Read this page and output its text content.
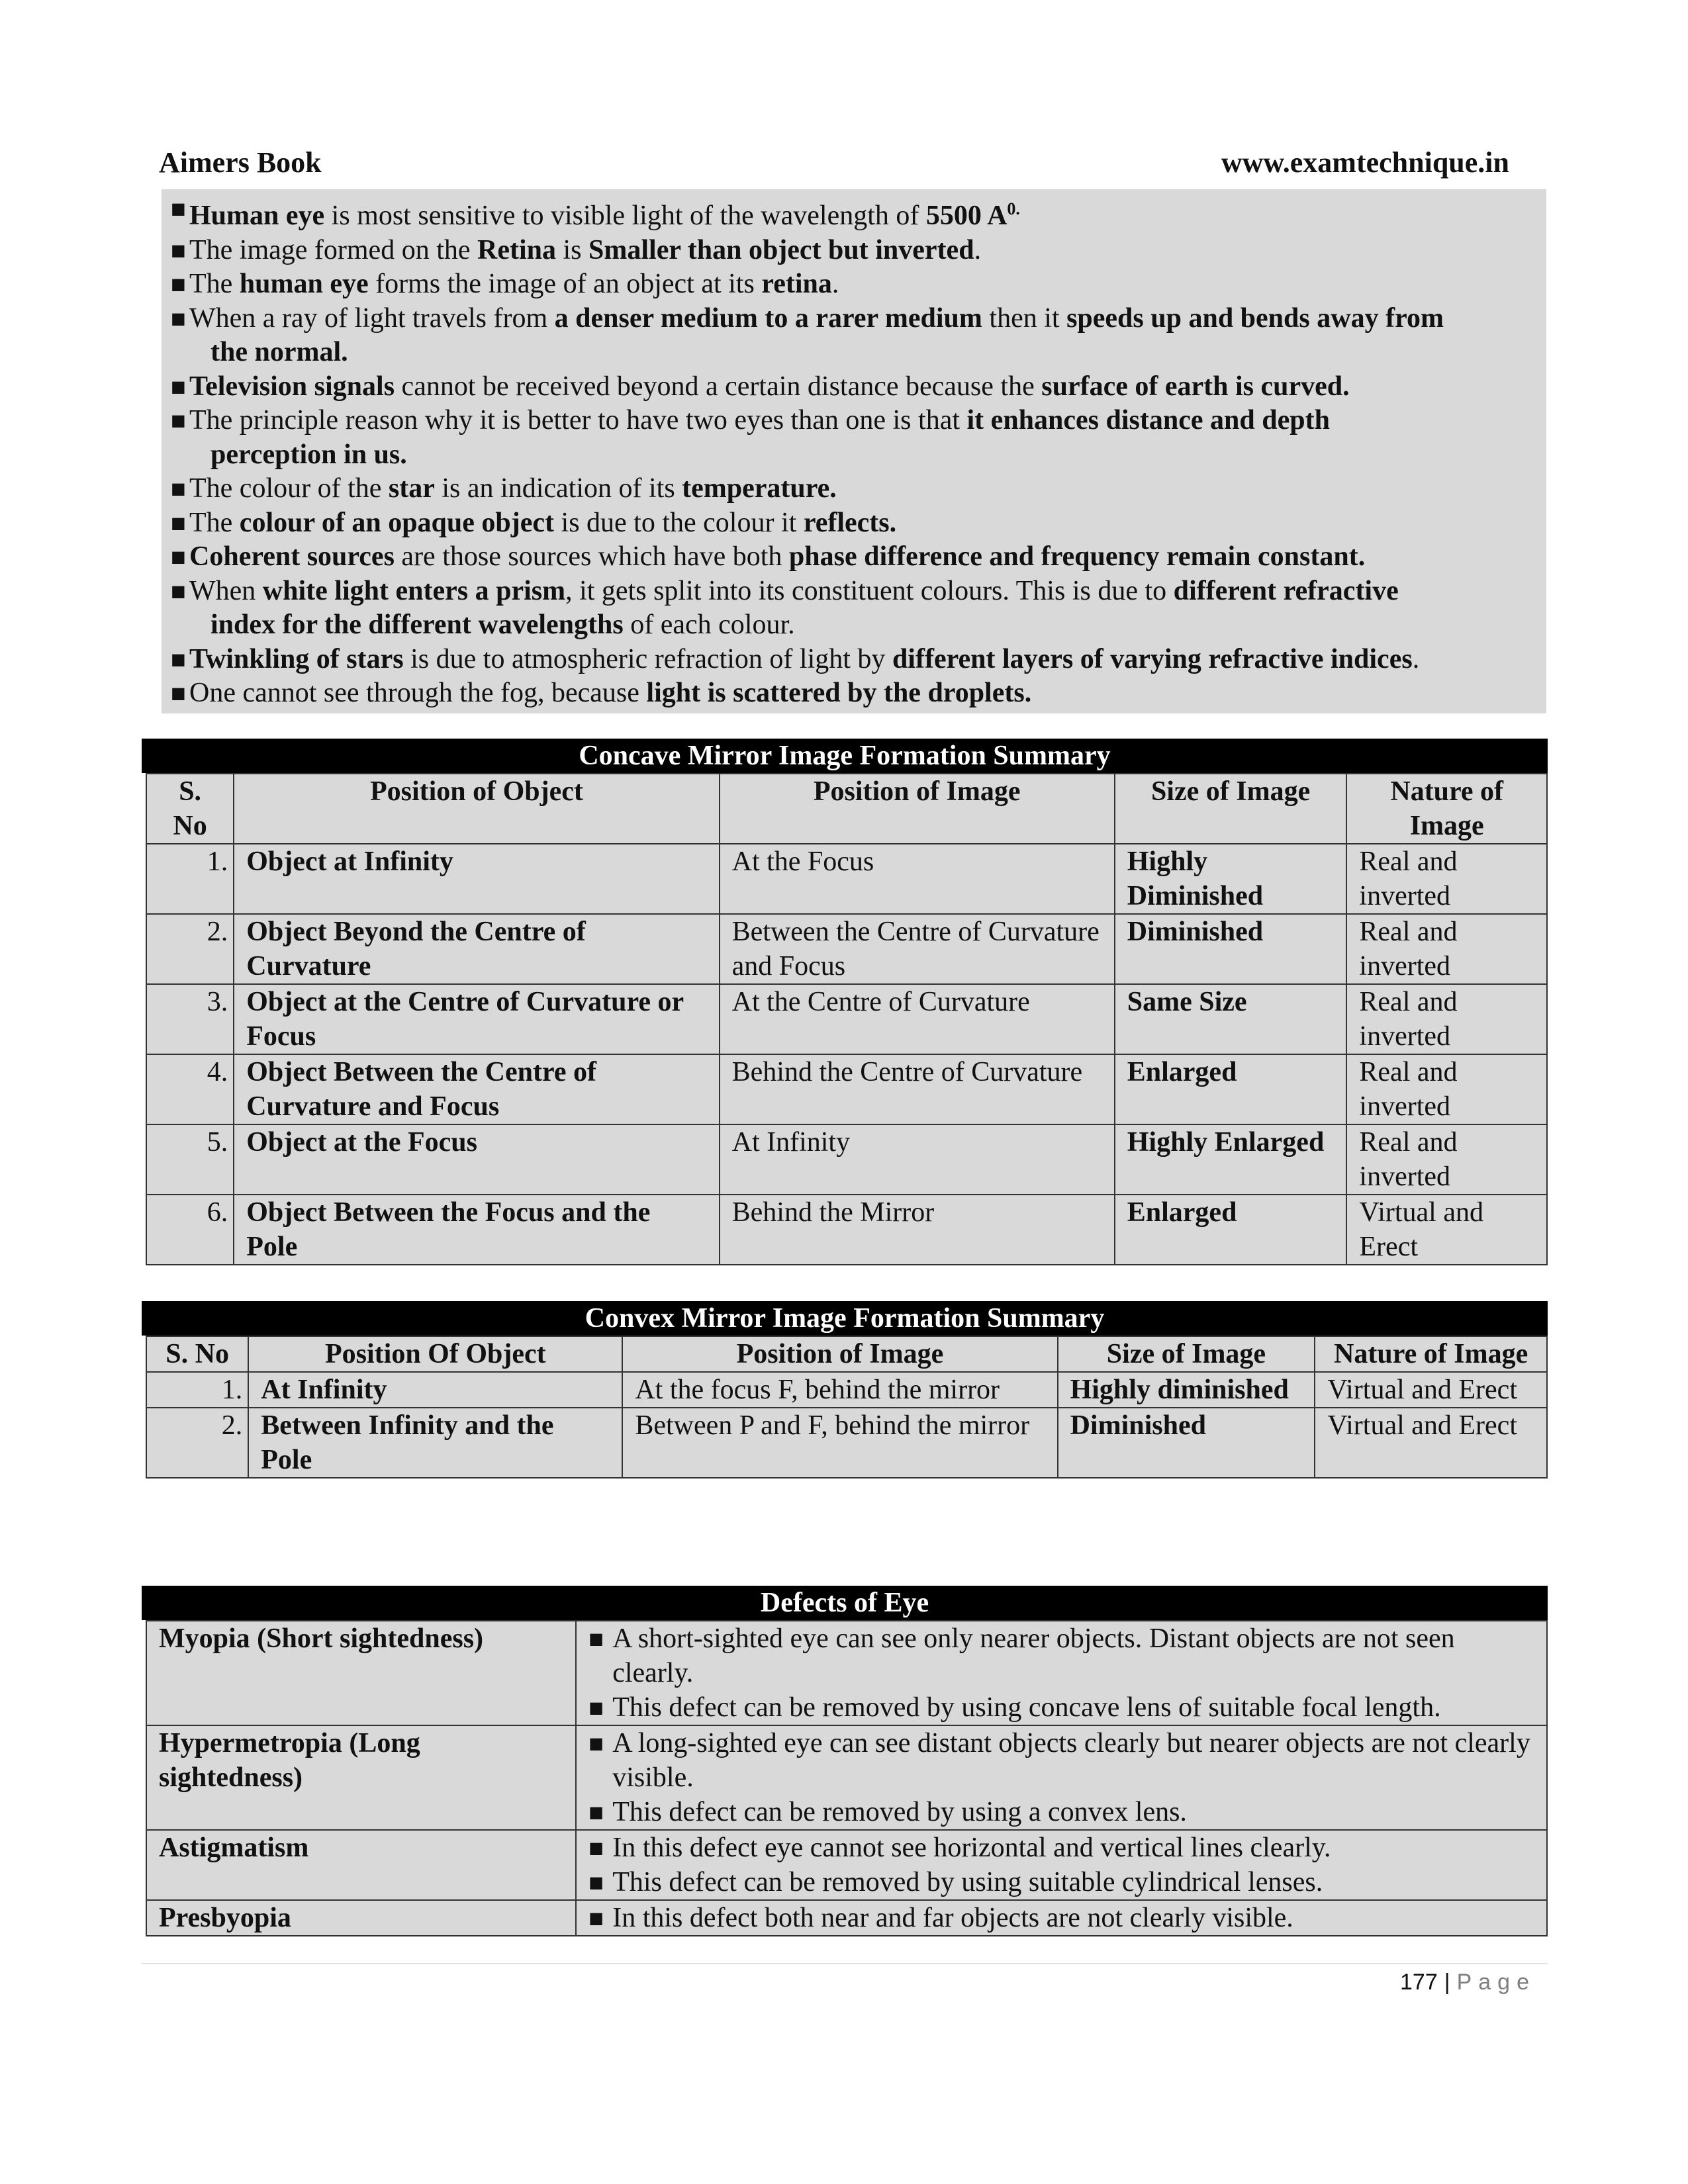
Aimers Book	www.examtechnique.in
■ Human eye is most sensitive to visible light of the wavelength of 5500 $A^{0.}$
■ The image formed on the Retina is Smaller than object but inverted.
■ The human eye forms the image of an object at its retina.
■ When a ray of light travels from a denser medium to a rarer medium then it speeds up and bends away from
the normal.
■ Television signals cannot be received beyond a certain distance because the surface of earth is curved.
■ The principle reason why it is better to have two eyes than one is that it enhances distance and depth
perception in us.
■ The colour of the star is an indication of its temperature.
■ The colour of an opaque object is due to the colour it reflects.
■ Coherent sources are those sources which have both phase difference and frequency remain constant.
■ When white light enters a prism, it gets split into its constituent colours. This is due to different refractive
index for the different wavelengths of each colour.
■ Twinkling of stars is due to atmospheric refraction of light by different layers of varying refractive indices.
■ One cannot see through the fog, because light is scattered by the droplets.
Concave Mirror Image Formation Summary
S. No	Position of Object	Position of Image	Size of Image	Nature of Image
1.	Object at Infinity	At the Focus	Highly Diminished	Real and inverted
2.	Object Beyond the Centre of Curvature	Between the Centre of Curvature and Focus	Diminished	Real and inverted
3.	Object at the Centre of Curvature or Focus	At the Centre of Curvature	Same Size	Real and inverted
4.	Object Between the Centre of Curvature and Focus	Behind the Centre of Curvature	Enlarged	Real and inverted
5.	Object at the Focus	At Infinity	Highly Enlarged	Real and inverted
6.	Object Between the Focus and the Pole	Behind the Mirror	Enlarged	Virtual and Erect
Convex Mirror Image Formation Summary
S. No	Position Of Object	Position of Image	Size of Image	Nature of Image
1.	At Infinity	At the focus F, behind the mirror	Highly diminished	Virtual and Erect
2.	Between Infinity and the Pole	Between P and F, behind the mirror	Diminished	Virtual and Erect
Defects of Eye
Myopia (Short sightedness)	■ A short-sighted eye can see only nearer objects. Distant objects are not seen clearly.
■ This defect can be removed by using concave lens of suitable focal length.

Hypermetropia (Long sightedness)	■ A long-sighted eye can see distant objects clearly but nearer objects are not clearly visible.
■ This defect can be removed by using a convex lens.

Astigmatism	■ In this defect eye cannot see horizontal and vertical lines clearly.
■ This defect can be removed by using suitable cylindrical lenses.

Presbyopia	■ In this defect both near and far objects are not clearly visible.
177 | Page
